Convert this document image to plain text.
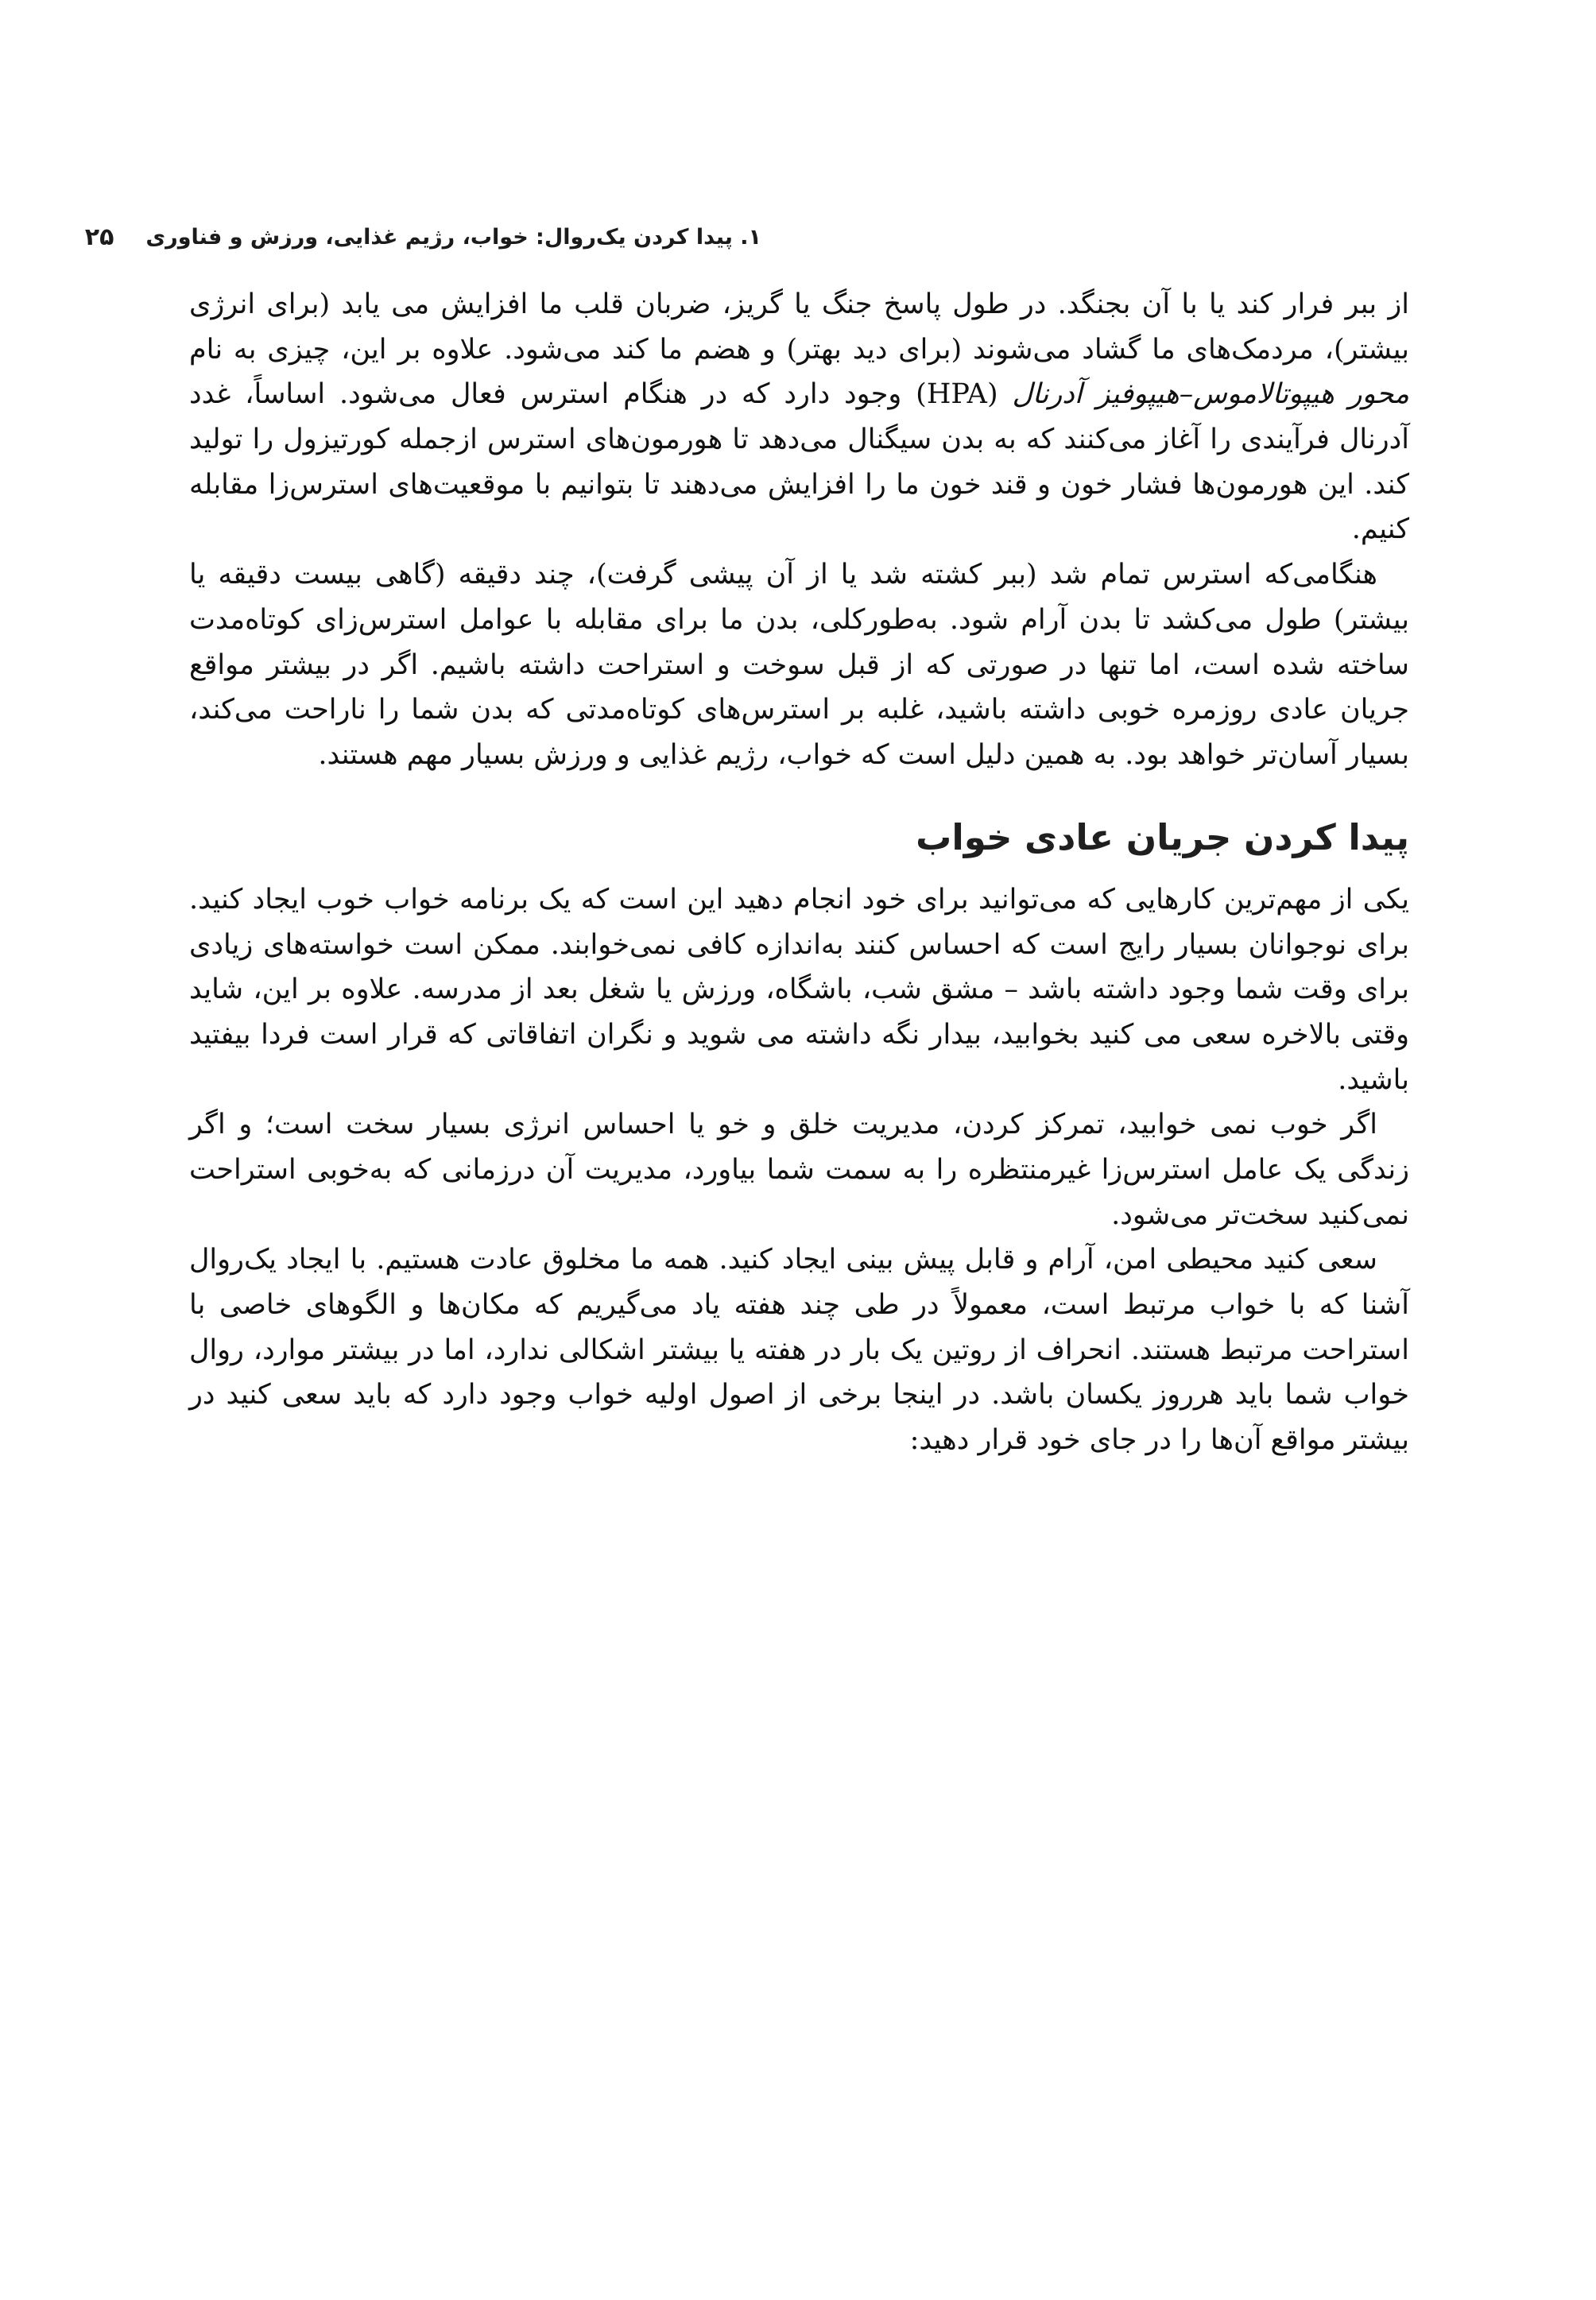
۱. پیدا کردن یک‌روال: خواب، رژیم غذایی، ورزش و فناوری
۲۵

از ببر فرار کند یا با آن بجنگد. در طول پاسخ جنگ یا گریز، ضربان قلب ما افزایش می یابد (برای انرژی بیشتر)، مردمک‌های ما گشاد می‌شوند (برای دید بهتر) و هضم ما کند می‌شود. علاوه بر این، چیزی به نام محور هیپوتالاموس–هیپوفیز آدرنال (HPA) وجود دارد که در هنگام استرس فعال می‌شود. اساساً، غدد آدرنال فرآیندی را آغاز می‌کنند که به بدن سیگنال می‌دهد تا هورمون‌های استرس ازجمله کورتیزول را تولید کند. این هورمون‌ها فشار خون و قند خون ما را افزایش می‌دهند تا بتوانیم با موقعیت‌های استرس‌زا مقابله کنیم.

هنگامی‌که استرس تمام شد (ببر کشته شد یا از آن پیشی گرفت)، چند دقیقه (گاهی بیست دقیقه یا بیشتر) طول می‌کشد تا بدن آرام شود. به‌طورکلی، بدن ما برای مقابله با عوامل استرس‌زای کوتاه‌مدت ساخته شده است، اما تنها در صورتی که از قبل سوخت و استراحت داشته باشیم. اگر در بیشتر مواقع جریان عادی روزمره خوبی داشته باشید، غلبه بر استرس‌های کوتاه‌مدتی که بدن شما را ناراحت می‌کند، بسیار آسان‌تر خواهد بود. به همین دلیل است که خواب، رژیم غذایی و ورزش بسیار مهم هستند.

پیدا کردن جریان عادی خواب

یکی از مهم‌ترین کارهایی که می‌توانید برای خود انجام دهید این است که یک برنامه خواب خوب ایجاد کنید. برای نوجوانان بسیار رایج است که احساس کنند به‌اندازه کافی نمی‌خوابند. ممکن است خواسته‌های زیادی برای وقت شما وجود داشته باشد – مشق شب، باشگاه، ورزش یا شغل بعد از مدرسه. علاوه بر این، شاید وقتی بالاخره سعی می کنید بخوابید، بیدار نگه داشته می شوید و نگران اتفاقاتی که قرار است فردا بیفتید باشید.

اگر خوب نمی خوابید، تمرکز کردن، مدیریت خلق و خو یا احساس انرژی بسیار سخت است؛ و اگر زندگی یک عامل استرس‌زا غیرمنتظره را به سمت شما بیاورد، مدیریت آن درزمانی که به‌خوبی استراحت نمی‌کنید سخت‌تر می‌شود.

سعی کنید محیطی امن، آرام و قابل پیش بینی ایجاد کنید. همه ما مخلوق عادت هستیم. با ایجاد یک‌روال آشنا که با خواب مرتبط است، معمولاً در طی چند هفته یاد می‌گیریم که مکان‌ها و الگوهای خاصی با استراحت مرتبط هستند. انحراف از روتین یک بار در هفته یا بیشتر اشکالی ندارد، اما در بیشتر موارد، روال خواب شما باید هرروز یکسان باشد. در اینجا برخی از اصول اولیه خواب وجود دارد که باید سعی کنید در بیشتر مواقع آن‌ها را در جای خود قرار دهید:
